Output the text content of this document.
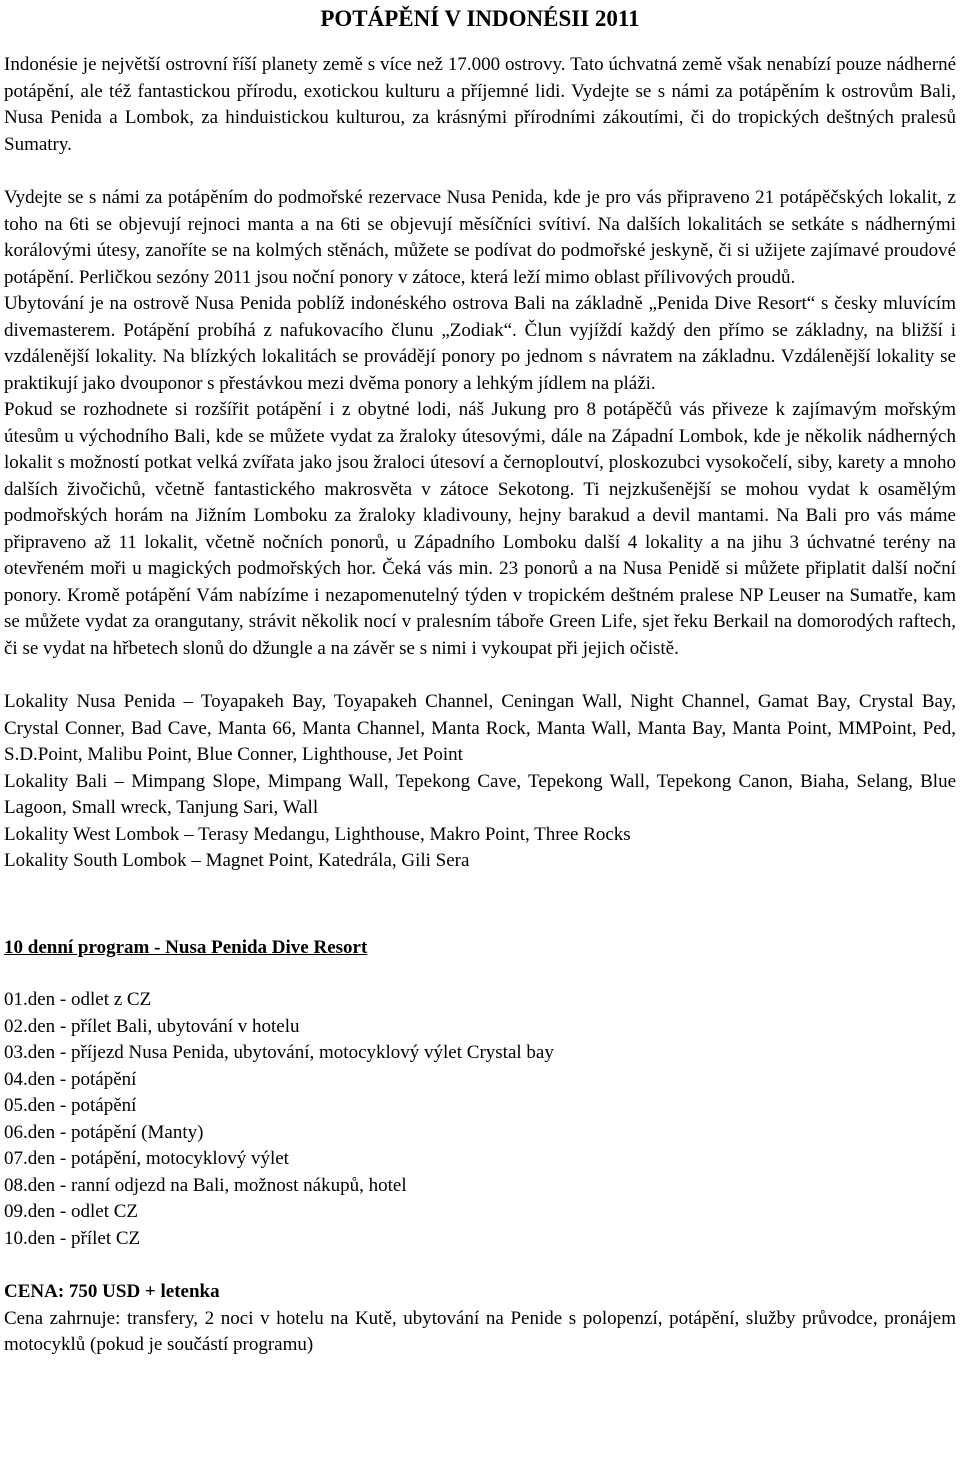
POTÁPĚNÍ V INDONÉSII 2011

Indonésie je největší ostrovní říší planety země s více než 17.000 ostrovy. Tato úchvatná země však nenabízí pouze nádherné potápění, ale též fantastickou přírodu, exotickou kulturu a příjemné lidi. Vydejte se s námi za potápěním k ostrovům Bali, Nusa Penida a Lombok, za hinduistickou kulturou, za krásnými přírodními zákoutími, či do tropických deštných pralesů Sumatry.

Vydejte se s námi za potápěním do podmořské rezervace Nusa Penida, kde je pro vás připraveno 21 potápěčských lokalit, z toho na 6ti se objevují rejnoci manta a na 6ti se objevují měsíčníci svítiví. Na dalších lokalitách se setkáte s nádhernými korálovými útesy, zanoříte se na kolmých stěnách, můžete se podívat do podmořské jeskyně, či si užijete zajímavé proudové potápění. Perličkou sezóny 2011 jsou noční ponory v zátoce, která leží mimo oblast přílivových proudů.

Ubytování je na ostrově Nusa Penida poblíž indonéského ostrova Bali na základně „Penida Dive Resort“ s česky mluvícím divemasterem. Potápění probíhá z nafukovacího člunu „Zodiak“. Člun vyjíždí každý den přímo se základny, na bližší i vzdálenější lokality. Na blízkých lokalitách se provádějí ponory po jednom s návratem na základnu. Vzdálenější lokality se praktikují jako dvouponor s přestávkou mezi dvěma ponory a lehkým jídlem na pláži.

Pokud se rozhodnete si rozšířit potápění i z obytné lodi, náš Jukung pro 8 potápěčů vás přiveze k zajímavým mořským útesům u východního Bali, kde se můžete vydat za žraloky útesovými, dále na Západní Lombok, kde je několik nádherných lokalit s možností potkat velká zvířata jako jsou žraloci útesoví a černoploutví, ploskozubci vysokočelí, siby, karety a mnoho dalších živočichů, včetně fantastického makrosvěta v zátoce Sekotong. Ti nejzkušenější se mohou vydat k osamělým podmořských horám na Jižním Lomboku za žraloky kladivouny, hejny barakud a devil mantami. Na Bali pro vás máme připraveno až 11 lokalit, včetně nočních ponorů, u Západního Lomboku další 4 lokality a na jihu 3 úchvatné terény na otevřeném moři u magických podmořských hor. Čeká vás min. 23 ponorů a na Nusa Penidě si můžete připlatit další noční ponory. Kromě potápění Vám nabízíme i nezapomenutelný týden v tropickém deštném pralese NP Leuser na Sumatře, kam se můžete vydat za orangutany, strávit několik nocí v pralesním táboře Green Life, sjet řeku Berkail na domorodých raftech, či se vydat na hřbetech slonů do džungle a na závěr se s nimi i vykoupat při jejich očistě.

Lokality Nusa Penida – Toyapakeh Bay, Toyapakeh Channel, Ceningan Wall, Night Channel, Gamat Bay, Crystal Bay, Crystal Conner, Bad Cave, Manta 66, Manta Channel, Manta Rock, Manta Wall, Manta Bay, Manta Point, MMPoint, Ped, S.D.Point, Malibu Point, Blue Conner, Lighthouse, Jet Point

Lokality Bali – Mimpang Slope, Mimpang Wall, Tepekong Cave, Tepekong Wall, Tepekong Canon, Biaha, Selang, Blue Lagoon, Small wreck, Tanjung Sari, Wall

Lokality West Lombok – Terasy Medangu, Lighthouse, Makro Point, Three Rocks

Lokality South Lombok – Magnet Point, Katedrála, Gili Sera

10 denní program - Nusa Penida Dive Resort
01.den - odlet z CZ
02.den - přílet Bali, ubytování v hotelu
03.den - příjezd Nusa Penida, ubytování, motocyklový výlet Crystal bay
04.den - potápění
05.den - potápění
06.den - potápění (Manty)
07.den - potápění, motocyklový výlet
08.den - ranní odjezd na Bali, možnost nákupů, hotel
09.den - odlet CZ
10.den - přílet CZ
CENA: 750 USD + letenka

Cena zahrnuje: transfery, 2 noci v hotelu na Kutě, ubytování na Penide s polopenzí, potápění, služby průvodce, pronájem motocyklů (pokud je součástí programu)
